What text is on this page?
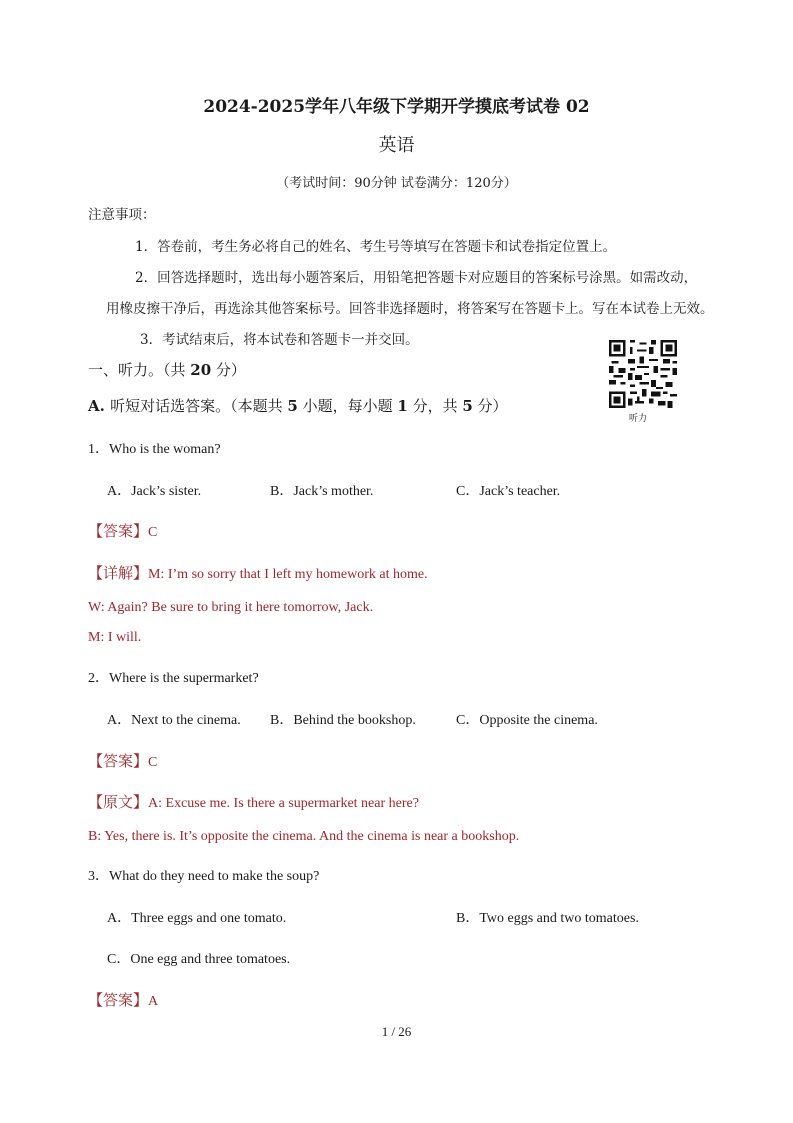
2024-2025学年八年级下学期开学摸底考试卷 02
英语
（考试时间：90分钟 试卷满分：120分）
注意事项：
1．答卷前，考生务必将自己的姓名、考生号等填写在答题卡和试卷指定位置上。
2．回答选择题时，选出每小题答案后，用铅笔把答题卡对应题目的答案标号涂黑。如需改动，
用橡皮擦干净后，再选涂其他答案标号。回答非选择题时，将答案写在答题卡上。写在本试卷上无效。
3．考试结束后，将本试卷和答题卡一并交回。
一、听力。（共 20 分）
A. 听短对话选答案。（本题共 5 小题，每小题 1 分，共 5 分）
听力
1．Who is the woman?
A．Jack’s sister.	B．Jack’s mother.	C．Jack’s teacher.
【答案】C
【详解】M: I’m so sorry that I left my homework at home.
W: Again? Be sure to bring it here tomorrow, Jack.
M: I will.
2．Where is the supermarket?
A．Next to the cinema. B．Behind the bookshop.	C．Opposite the cinema.
【答案】C
【原文】A: Excuse me. Is there a supermarket near here?
B: Yes, there is. It’s opposite the cinema. And the cinema is near a bookshop.
3．What do they need to make the soup?
A．Three eggs and one tomato.	B．Two eggs and two tomatoes.
C．One egg and three tomatoes.
【答案】A
1 / 26
